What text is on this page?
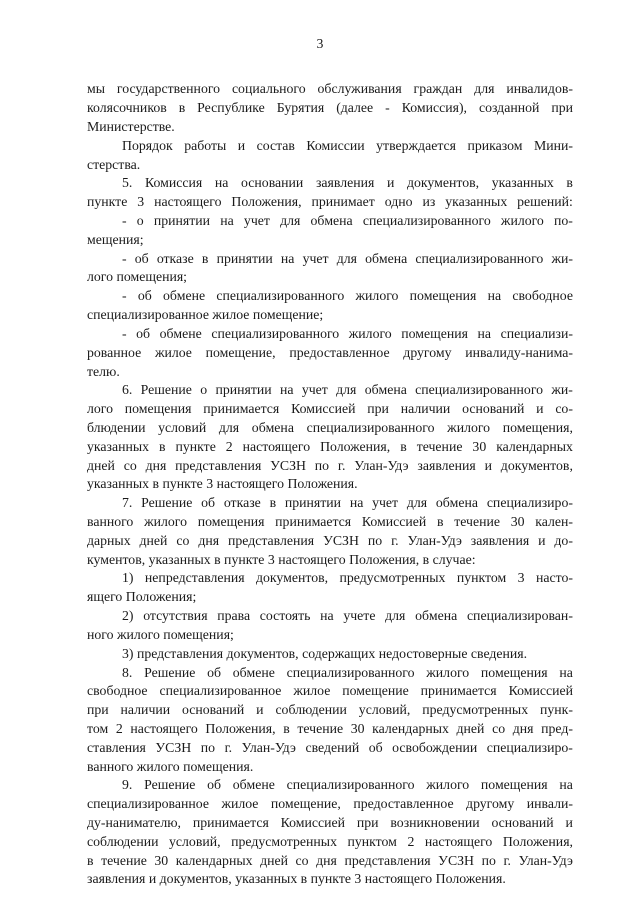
3
мы государственного социального обслуживания граждан для инвалидов-
колясочников в Республике Бурятия (далее - Комиссия), созданной при
Министерстве.
Порядок работы и состав Комиссии утверждается приказом Мини-
стерства.
5. Комиссия на основании заявления и документов, указанных в
пункте 3 настоящего Положения, принимает одно из указанных решений:
- о принятии на учет для обмена специализированного жилого по-
мещения;
- об отказе в принятии на учет для обмена специализированного жи-
лого помещения;
- об обмене специализированного жилого помещения на свободное
специализированное жилое помещение;
- об обмене специализированного жилого помещения на специализи-
рованное жилое помещение, предоставленное другому инвалиду-нанима-
телю.
6. Решение о принятии на учет для обмена специализированного жи-
лого помещения принимается Комиссией при наличии оснований и со-
блюдении условий для обмена специализированного жилого помещения,
указанных в пункте 2 настоящего Положения, в течение 30 календарных
дней со дня представления УСЗН по г. Улан-Удэ заявления и документов,
указанных в пункте 3 настоящего Положения.
7. Решение об отказе в принятии на учет для обмена специализиро-
ванного жилого помещения принимается Комиссией в течение 30 кален-
дарных дней со дня представления УСЗН по г. Улан-Удэ заявления и до-
кументов, указанных в пункте 3 настоящего Положения, в случае:
1) непредставления документов, предусмотренных пунктом 3 насто-
ящего Положения;
2) отсутствия права состоять на учете для обмена специализирован-
ного жилого помещения;
3) представления документов, содержащих недостоверные сведения.
8. Решение об обмене специализированного жилого помещения на
свободное специализированное жилое помещение принимается Комиссией
при наличии оснований и соблюдении условий, предусмотренных пунк-
том 2 настоящего Положения, в течение 30 календарных дней со дня пред-
ставления УСЗН по г. Улан-Удэ сведений об освобождении специализиро-
ванного жилого помещения.
9. Решение об обмене специализированного жилого помещения на
специализированное жилое помещение, предоставленное другому инвали-
ду-нанимателю, принимается Комиссией при возникновении оснований и
соблюдении условий, предусмотренных пунктом 2 настоящего Положения,
в течение 30 календарных дней со дня представления УСЗН по г. Улан-Удэ
заявления и документов, указанных в пункте 3 настоящего Положения.
